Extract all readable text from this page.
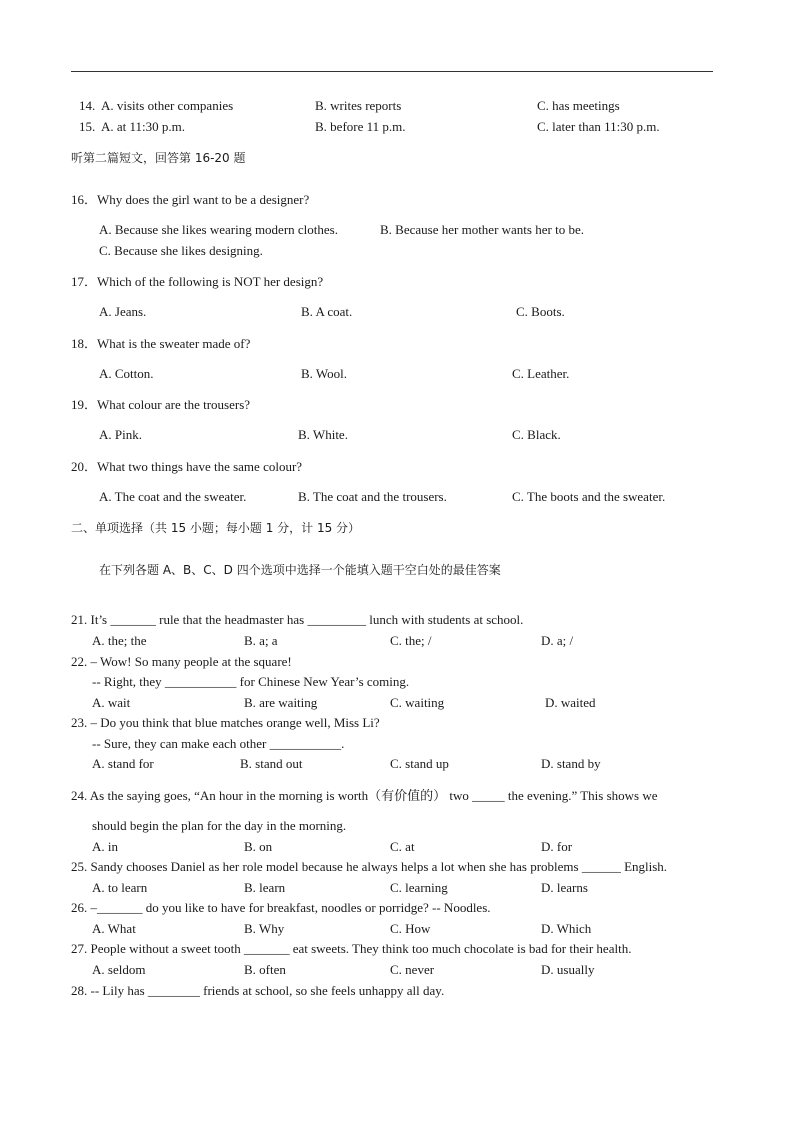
14. A. visits other companies	B. writes reports	C. has meetings
15. A. at 11:30 p.m.	B. before 11 p.m.	C. later than 11:30 p.m.
听第二篇短文，回答第 16-20 题
16．Why does the girl want to be a designer?
A. Because she likes wearing modern clothes.	B. Because her mother wants her to be.
C. Because she likes designing.
17．Which of the following is NOT her design?
A. Jeans.	B. A coat.	C. Boots.
18．What is the sweater made of?
A. Cotton.	B. Wool.	C. Leather.
19．What colour are the trousers?
A. Pink.	B. White.	C. Black.
20．What two things have the same colour?
A. The coat and the sweater.	B. The coat and the trousers.	C. The boots and the sweater.
二、单项选择（共 15 小题；每小题 1 分，计 15 分）
在下列各题 A、B、C、D 四个选项中选择一个能填入题干空白处的最佳答案
21. It’s _______ rule that the headmaster has _________ lunch with students at school.
A. the; the	B. a; a	C. the; /	D. a; /
22. – Wow! So many people at the square!
-- Right, they ___________ for Chinese New Year’s coming.
A. wait	B. are waiting	C. waiting	D. waited
23. – Do you think that blue matches orange well, Miss Li?
-- Sure, they can make each other ___________.
A. stand for	B. stand out	C. stand up	D. stand by
24. As the saying goes, “An hour in the morning is worth（有价值的） two _____ the evening.” This shows we
should begin the plan for the day in the morning.
A. in	B. on	C. at	D. for
25. Sandy chooses Daniel as her role model because he always helps a lot when she has problems ______ English.
A. to learn	B. learn	C. learning	D. learns
26. –_______ do you like to have for breakfast, noodles or porridge? -- Noodles.
A. What	B. Why	C. How	D. Which
27. People without a sweet tooth _______ eat sweets. They think too much chocolate is bad for their health.
A. seldom	B. often	C. never	D. usually
28. -- Lily has ________ friends at school, so she feels unhappy all day.
